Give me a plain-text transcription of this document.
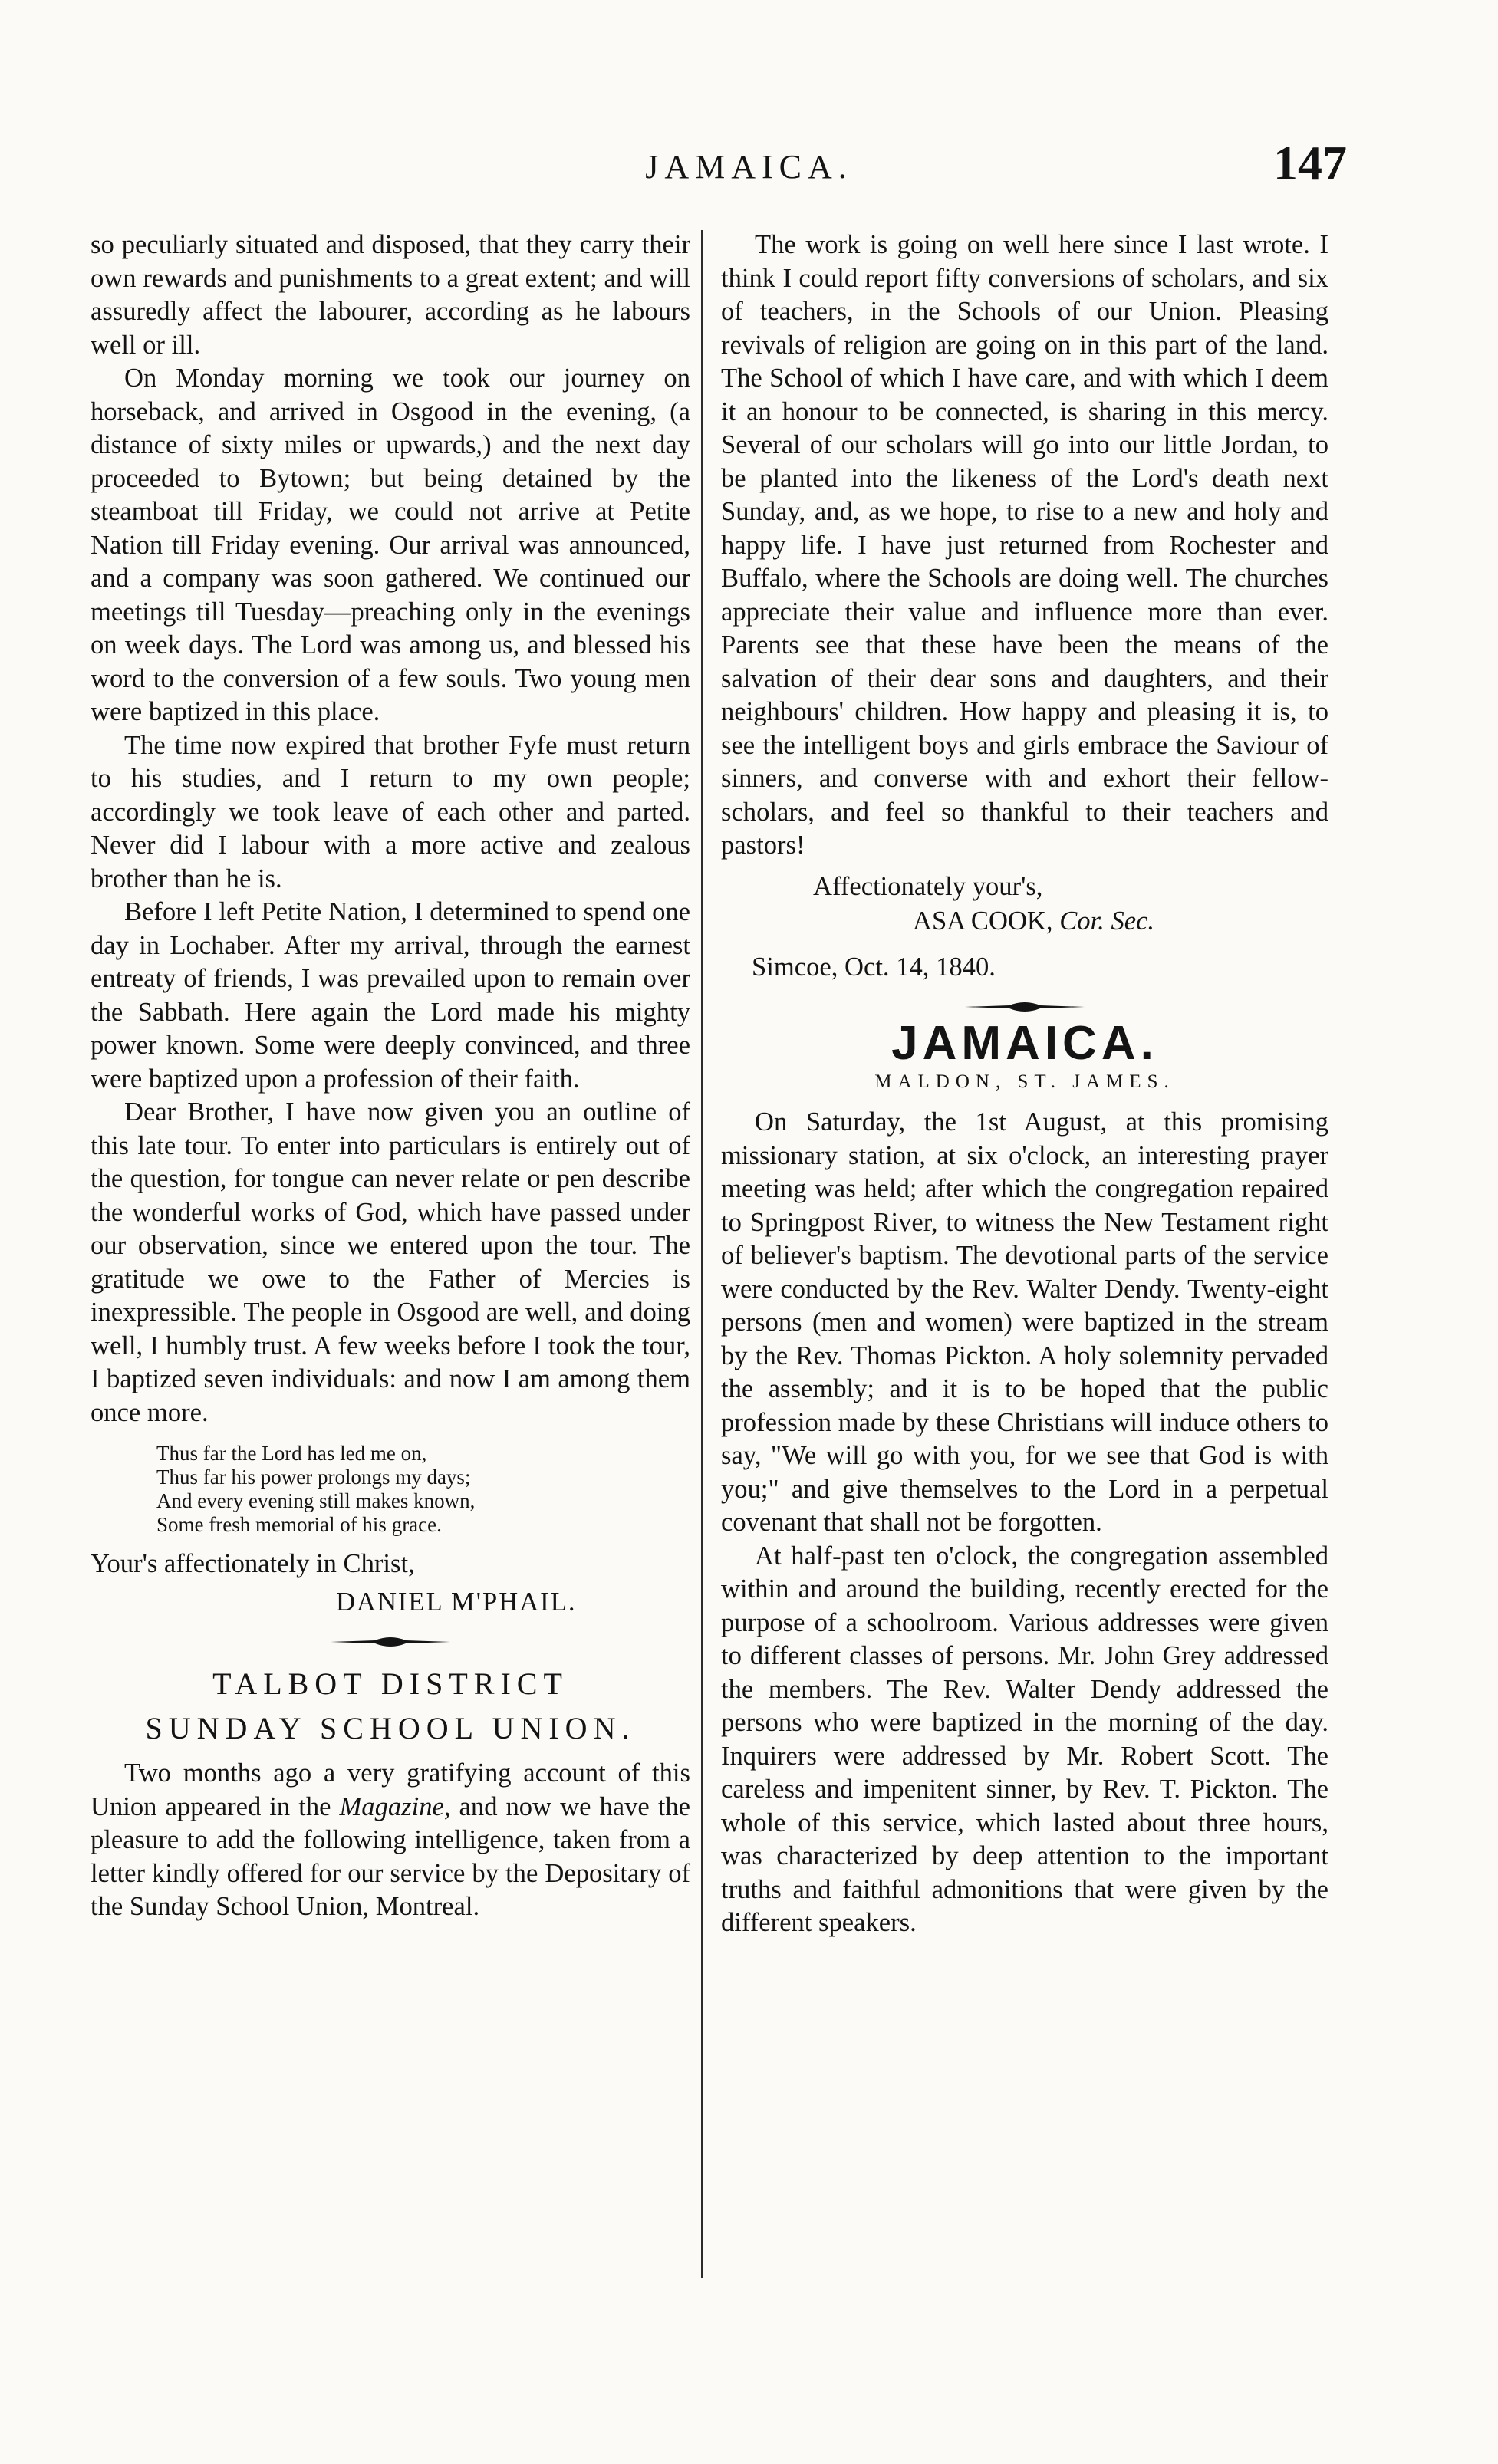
JAMAICA.	147

so peculiarly situated and disposed, that they carry their own rewards and punishments to a great extent; and will assuredly affect the labourer, according as he labours well or ill.

On Monday morning we took our journey on horseback, and arrived in Osgood in the evening, (a distance of sixty miles or upwards,) and the next day proceeded to Bytown; but being detained by the steamboat till Friday, we could not arrive at Petite Nation till Friday evening. Our arrival was announced, and a company was soon gathered. We continued our meetings till Tuesday—preaching only in the evenings on week days. The Lord was among us, and blessed his word to the conversion of a few souls. Two young men were baptized in this place.

The time now expired that brother Fyfe must return to his studies, and I return to my own people; accordingly we took leave of each other and parted. Never did I labour with a more active and zealous brother than he is.

Before I left Petite Nation, I determined to spend one day in Lochaber. After my arrival, through the earnest entreaty of friends, I was prevailed upon to remain over the Sabbath. Here again the Lord made his mighty power known. Some were deeply convinced, and three were baptized upon a profession of their faith.

Dear Brother, I have now given you an outline of this late tour. To enter into particulars is entirely out of the question, for tongue can never relate or pen describe the wonderful works of God, which have passed under our observation, since we entered upon the tour. The gratitude we owe to the Father of Mercies is inexpressible. The people in Osgood are well, and doing well, I humbly trust. A few weeks before I took the tour, I baptized seven individuals: and now I am among them once more.

Thus far the Lord has led me on,
Thus far his power prolongs my days;
And every evening still makes known,
Some fresh memorial of his grace.

Your's affectionately in Christ,

DANIEL M'PHAIL.

TALBOT DISTRICT
SUNDAY SCHOOL UNION.

Two months ago a very gratifying account of this Union appeared in the Magazine, and now we have the pleasure to add the following intelligence, taken from a letter kindly offered for our service by the Depositary of the Sunday School Union, Montreal.

The work is going on well here since I last wrote. I think I could report fifty conversions of scholars, and six of teachers, in the Schools of our Union. Pleasing revivals of religion are going on in this part of the land. The School of which I have care, and with which I deem it an honour to be connected, is sharing in this mercy. Several of our scholars will go into our little Jordan, to be planted into the likeness of the Lord's death next Sunday, and, as we hope, to rise to a new and holy and happy life. I have just returned from Rochester and Buffalo, where the Schools are doing well. The churches appreciate their value and influence more than ever. Parents see that these have been the means of the salvation of their dear sons and daughters, and their neighbours' children. How happy and pleasing it is, to see the intelligent boys and girls embrace the Saviour of sinners, and converse with and exhort their fellow-scholars, and feel so thankful to their teachers and pastors!

Affectionately your's,

ASA COOK, Cor. Sec.

Simcoe, Oct. 14, 1840.

JAMAICA.
MALDON, ST. JAMES.

On Saturday, the 1st August, at this promising missionary station, at six o'clock, an interesting prayer meeting was held; after which the congregation repaired to Springpost River, to witness the New Testament right of believer's baptism. The devotional parts of the service were conducted by the Rev. Walter Dendy. Twenty-eight persons (men and women) were baptized in the stream by the Rev. Thomas Pickton. A holy solemnity pervaded the assembly; and it is to be hoped that the public profession made by these Christians will induce others to say, "We will go with you, for we see that God is with you;" and give themselves to the Lord in a perpetual covenant that shall not be forgotten.

At half-past ten o'clock, the congregation assembled within and around the building, recently erected for the purpose of a schoolroom. Various addresses were given to different classes of persons. Mr. John Grey addressed the members. The Rev. Walter Dendy addressed the persons who were baptized in the morning of the day. Inquirers were addressed by Mr. Robert Scott. The careless and impenitent sinner, by Rev. T. Pickton. The whole of this service, which lasted about three hours, was characterized by deep attention to the important truths and faithful admonitions that were given by the different speakers.
